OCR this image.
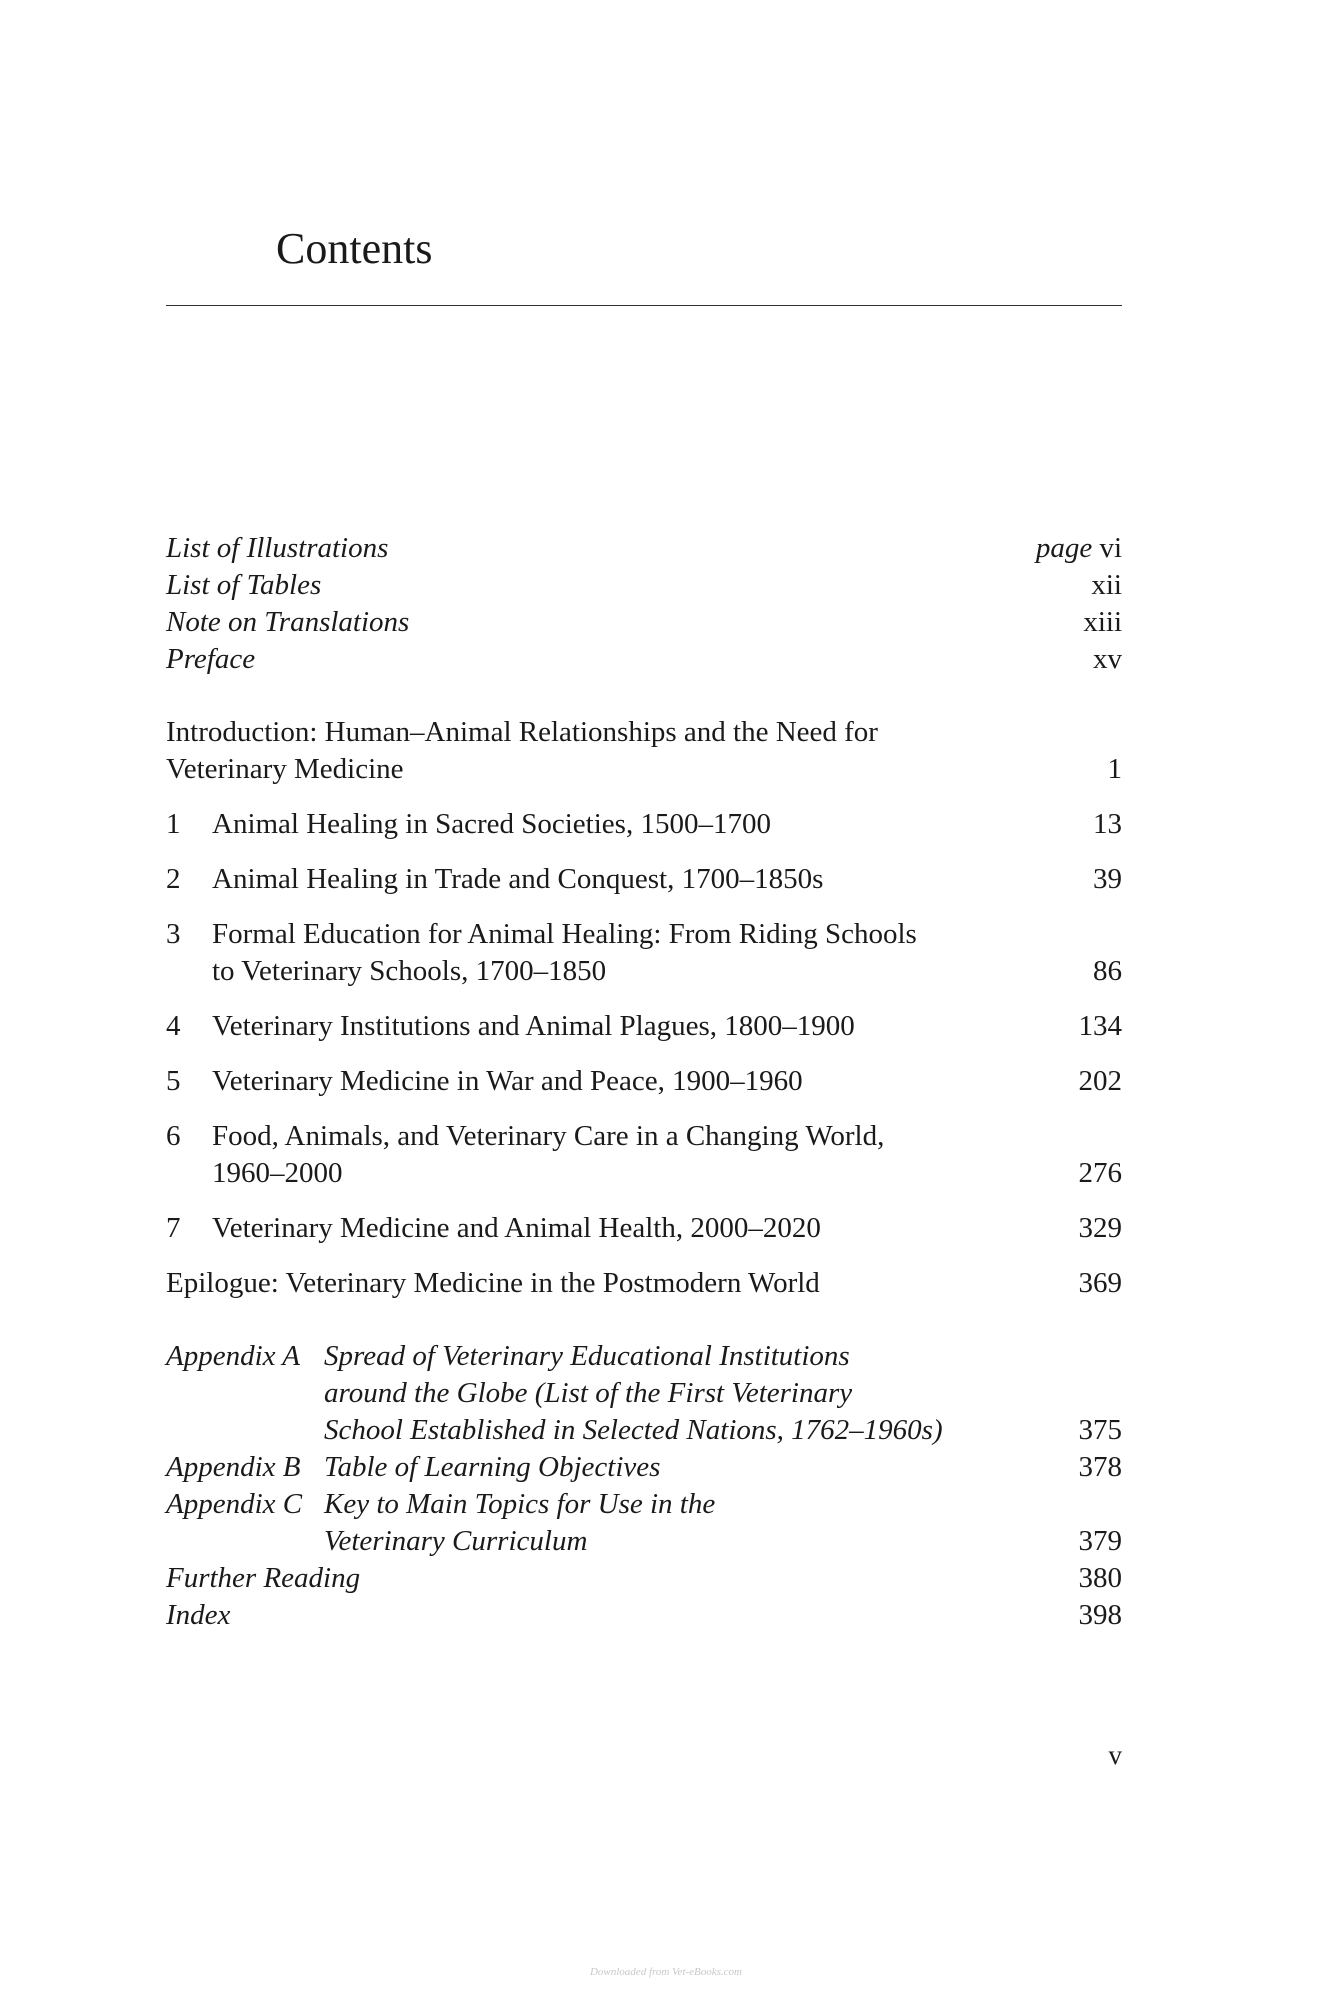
Contents
List of Illustrations	page vi
List of Tables	xii
Note on Translations	xiii
Preface	xv
Introduction: Human–Animal Relationships and the Need for
Veterinary Medicine	1
1	Animal Healing in Sacred Societies, 1500–1700	13
2	Animal Healing in Trade and Conquest, 1700–1850s	39
3	Formal Education for Animal Healing: From Riding Schools
to Veterinary Schools, 1700–1850	86
4	Veterinary Institutions and Animal Plagues, 1800–1900	134
5	Veterinary Medicine in War and Peace, 1900–1960	202
6	Food, Animals, and Veterinary Care in a Changing World,
1960–2000	276
7	Veterinary Medicine and Animal Health, 2000–2020	329
Epilogue: Veterinary Medicine in the Postmodern World	369
Appendix A Spread of Veterinary Educational Institutions
around the Globe (List of the First Veterinary
School Established in Selected Nations, 1762–1960s)	375
Appendix B Table of Learning Objectives	378
Appendix C Key to Main Topics for Use in the
Veterinary Curriculum	379
Further Reading	380
Index	398
v
Downloaded from Vet-eBooks.com
